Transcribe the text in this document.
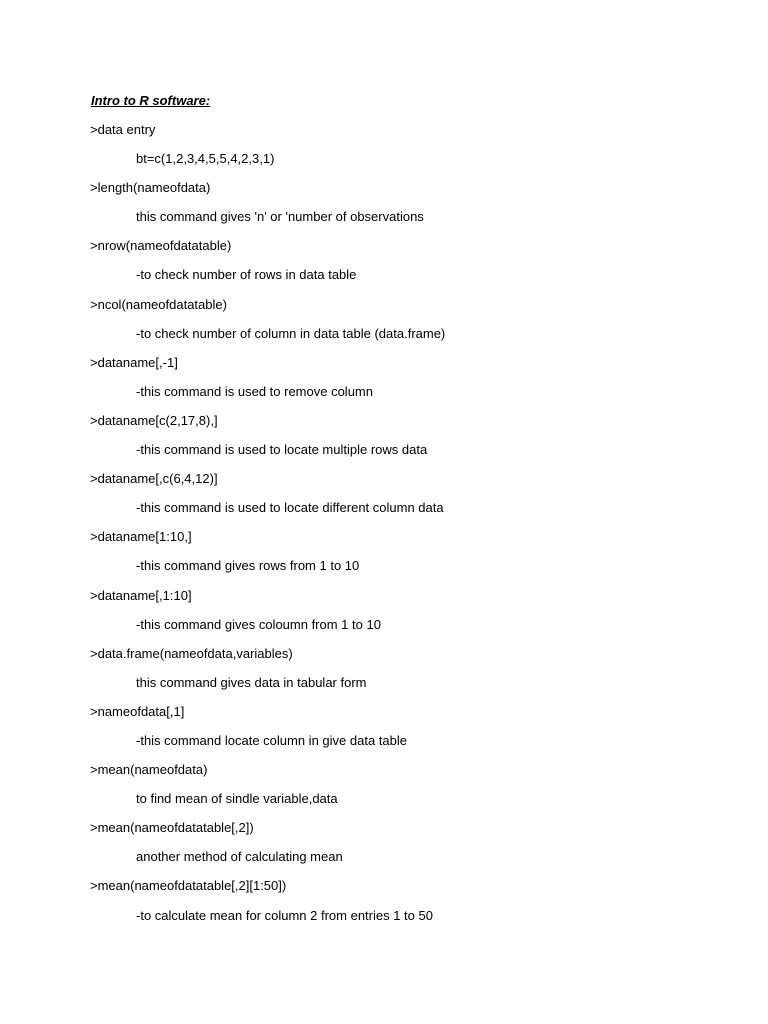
Intro to R software:
>data entry
bt=c(1,2,3,4,5,5,4,2,3,1)
>length(nameofdata)
this command gives 'n' or 'number of observations
>nrow(nameofdatatable)
-to check number of rows in data table
>ncol(nameofdatatable)
-to check number of column in data table (data.frame)
>dataname[,-1]
-this command is used to remove column
>dataname[c(2,17,8),]
-this command is used to locate multiple rows data
>dataname[,c(6,4,12)]
-this command is used to locate different column data
>dataname[1:10,]
-this command gives rows from 1 to 10
>dataname[,1:10]
-this command gives coloumn from 1 to 10
>data.frame(nameofdata,variables)
this command gives data in tabular form
>nameofdata[,1]
-this command locate column in give data table
>mean(nameofdata)
to find mean of sindle variable,data
>mean(nameofdatatable[,2])
another method of calculating mean
>mean(nameofdatatable[,2][1:50])
-to calculate mean for column 2 from entries 1 to 50
